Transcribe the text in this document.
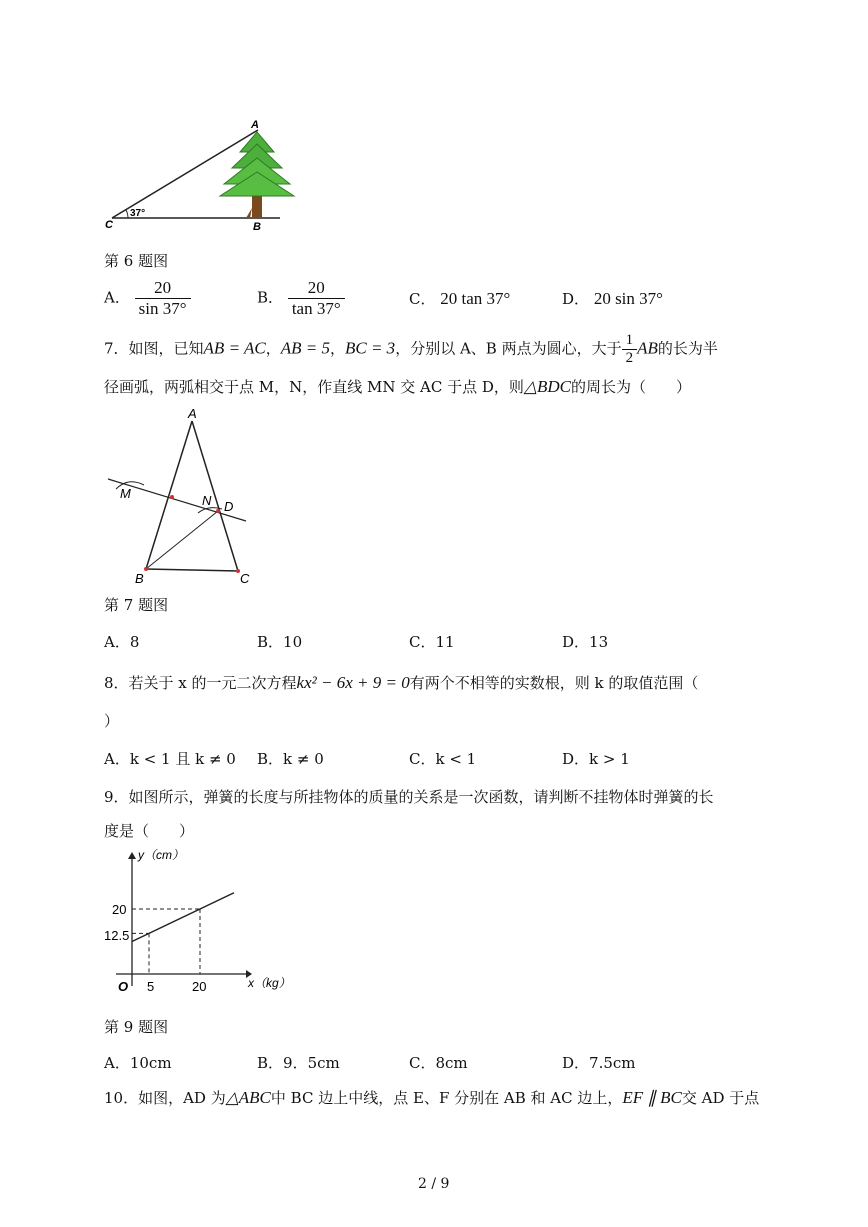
A
B
C
37°
第 6 题图
A． $\frac{20}{\sin 37^\circ}$	B． $\frac{20}{\tan 37^\circ}$	C． 20 tan 37°	D． 20 sin 37°
7．如图，已知AB = AC，AB = 5，BC = 3，分别以 A、B 两点为圆心，大于 $\frac{1}{2}$ AB的长为半
径画弧，两弧相交于点 M，N，作直线 MN 交 AC 于点 D，则△BDC的周长为（　　）
A
M	N D
B	C
第 7 题图
A．8	B．10	C．11	D．13
8．若关于 x 的一元二次方程kx² − 6x + 9 = 0有两个不相等的实数根，则 k 的取值范围（
）
A．k < 1 且 k ≠ 0 B．k ≠ 0	C．k < 1	D．k > 1
9．如图所示，弹簧的长度与所挂物体的质量的关系是一次函数，请判断不挂物体时弹簧的长
度是（　　）
y（cm）
x（kg）
O 5	20
20
12.5
第 9 题图
A．10cm	B．9．5cm	C．8cm	D．7.5cm
10．如图，AD 为△ABC中 BC 边上中线，点 E、F 分别在 AB 和 AC 边上，EF ∥ BC交 AD 于点
2 / 9
